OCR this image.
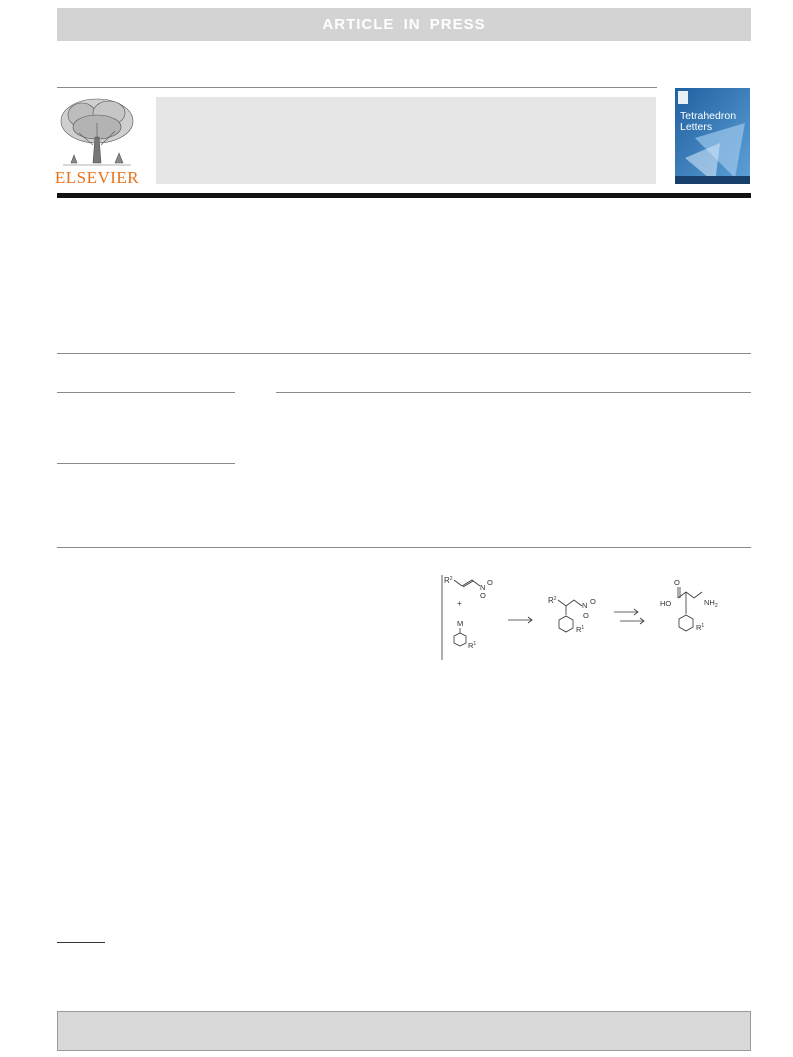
ARTICLE IN PRESS
ELSEVIER
Tetrahedron
Letters
$R^2$
N
O
O
+
M
$R^1$
$R^2$
N O
O
$R^1$
O
HO	$NH_2$
$R^1$
